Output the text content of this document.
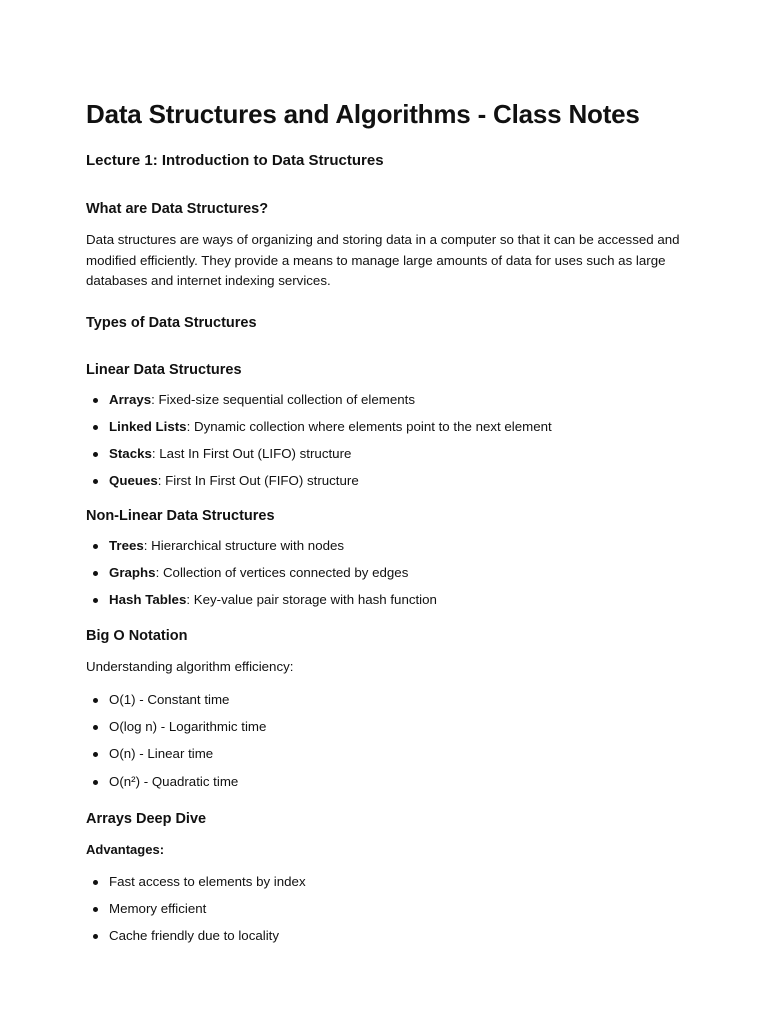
Data Structures and Algorithms - Class Notes
Lecture 1: Introduction to Data Structures
What are Data Structures?

Data structures are ways of organizing and storing data in a computer so that it can be accessed and modified efficiently. They provide a means to manage large amounts of data for uses such as large databases and internet indexing services.

Types of Data Structures
Linear Data Structures
Arrays: Fixed-size sequential collection of elements
Linked Lists: Dynamic collection where elements point to the next element
Stacks: Last In First Out (LIFO) structure
Queues: First In First Out (FIFO) structure
Non-Linear Data Structures
Trees: Hierarchical structure with nodes
Graphs: Collection of vertices connected by edges
Hash Tables: Key-value pair storage with hash function
Big O Notation

Understanding algorithm efficiency:

O(1) - Constant time
O(log n) - Logarithmic time
O(n) - Linear time
O(n²) - Quadratic time
Arrays Deep Dive
Advantages:
Fast access to elements by index
Memory efficient
Cache friendly due to locality
